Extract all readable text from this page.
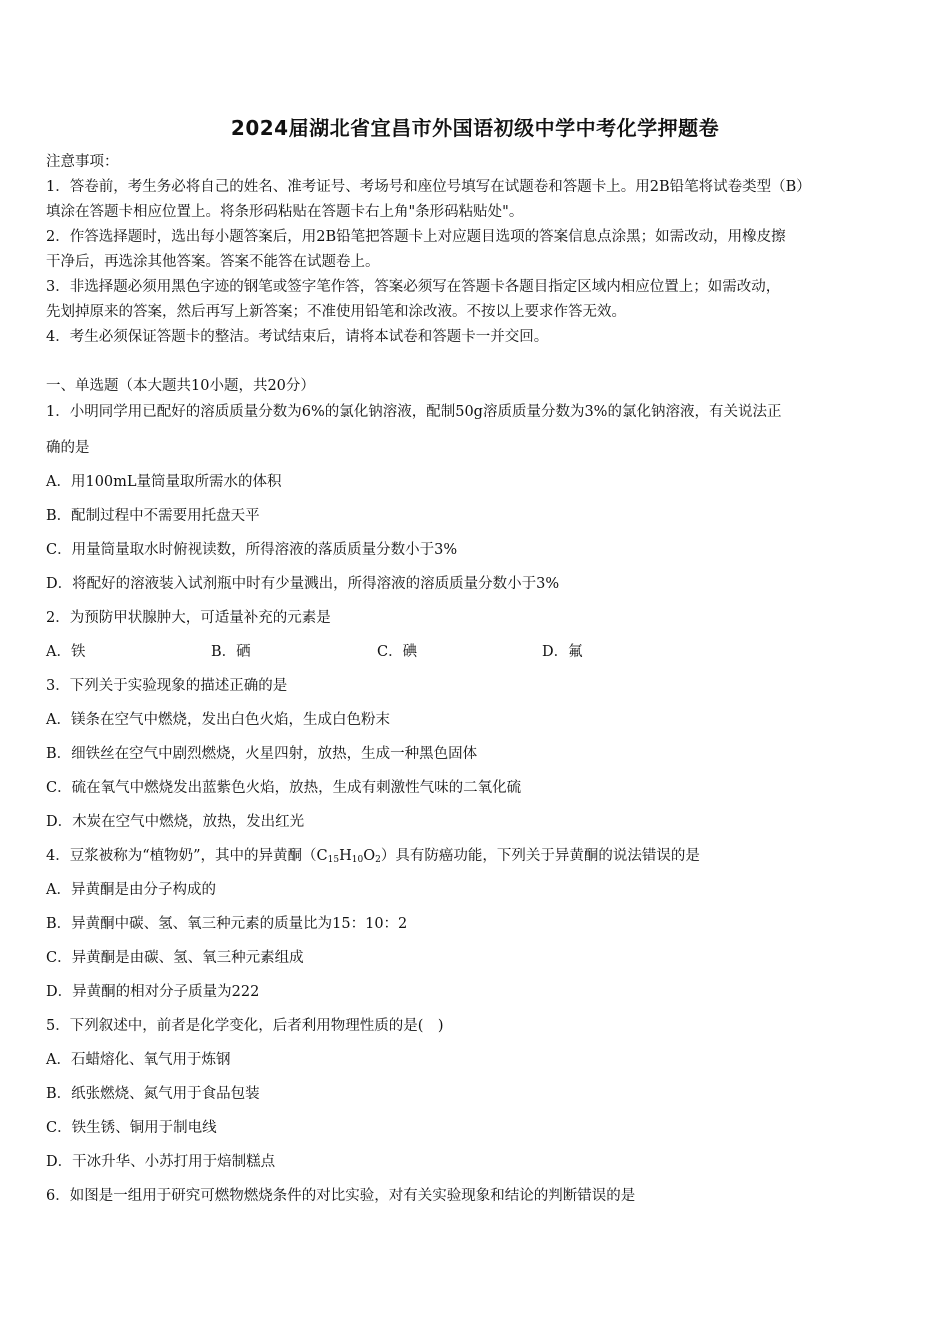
2024届湖北省宜昌市外国语初级中学中考化学押题卷
注意事项：
1．答卷前，考生务必将自己的姓名、准考证号、考场号和座位号填写在试题卷和答题卡上。用2B铅笔将试卷类型（B）
填涂在答题卡相应位置上。将条形码粘贴在答题卡右上角"条形码粘贴处"。
2．作答选择题时，选出每小题答案后，用2B铅笔把答题卡上对应题目选项的答案信息点涂黑；如需改动，用橡皮擦
干净后，再选涂其他答案。答案不能答在试题卷上。
3．非选择题必须用黑色字迹的钢笔或签字笔作答，答案必须写在答题卡各题目指定区域内相应位置上；如需改动，
先划掉原来的答案，然后再写上新答案；不准使用铅笔和涂改液。不按以上要求作答无效。
4．考生必须保证答题卡的整洁。考试结束后，请将本试卷和答题卡一并交回。
一、单选题（本大题共10小题，共20分）
1．小明同学用已配好的溶质质量分数为6%的氯化钠溶液，配制50g溶质质量分数为3%的氯化钠溶液，有关说法正
确的是
A．用100mL量筒量取所需水的体积
B．配制过程中不需要用托盘天平
C．用量筒量取水时俯视读数，所得溶液的落质质量分数小于3%
D．将配好的溶液装入试剂瓶中时有少量溅出，所得溶液的溶质质量分数小于3%
2．为预防甲状腺肿大，可适量补充的元素是
A．铁	B．硒	C．碘	D．氟
3．下列关于实验现象的描述正确的是
A．镁条在空气中燃烧，发出白色火焰，生成白色粉末
B．细铁丝在空气中剧烈燃烧，火星四射，放热，生成一种黑色固体
C．硫在氧气中燃烧发出蓝紫色火焰，放热，生成有刺激性气味的二氧化硫
D．木炭在空气中燃烧，放热，发出红光
4．豆浆被称为“植物奶”，其中的异黄酮$(C_{15}H_{10}O_2)$具有防癌功能，下列关于异黄酮的说法错误的是
A．异黄酮是由分子构成的
B．异黄酮中碳、氢、氧三种元素的质量比为15：10：2
C．异黄酮是由碳、氢、氧三种元素组成
D．异黄酮的相对分子质量为222
5．下列叙述中，前者是化学变化，后者利用物理性质的是(　)
A．石蜡熔化、氧气用于炼钢
B．纸张燃烧、氮气用于食品包装
C．铁生锈、铜用于制电线
D．干冰升华、小苏打用于焙制糕点
6．如图是一组用于研究可燃物燃烧条件的对比实验，对有关实验现象和结论的判断错误的是
